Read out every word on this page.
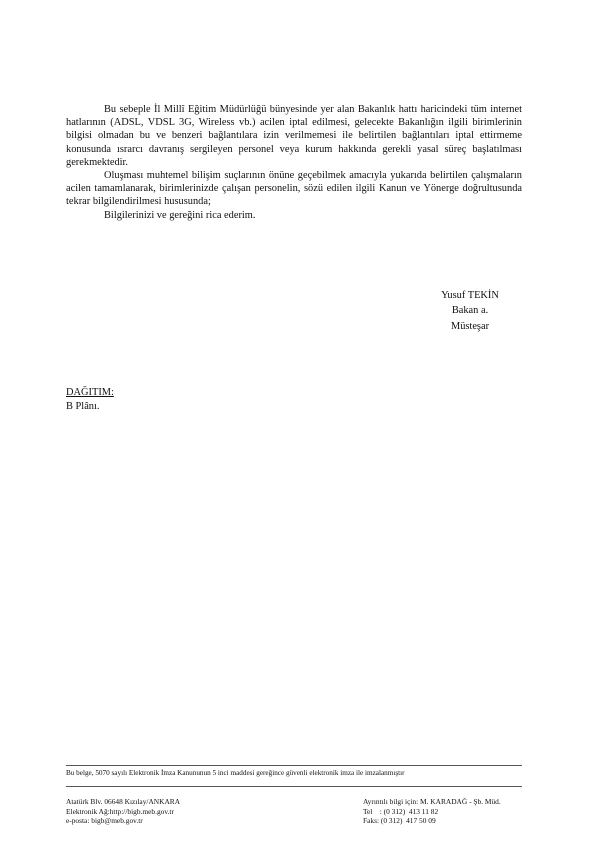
Bu sebeple İl Millî Eğitim Müdürlüğü bünyesinde yer alan Bakanlık hattı haricindeki tüm internet hatlarının (ADSL, VDSL 3G, Wireless vb.) acilen iptal edilmesi, gelecekte Bakanlığın ilgili birimlerinin bilgisi olmadan bu ve benzeri bağlantılara izin verilmemesi ile belirtilen bağlantıları iptal ettirmeme konusunda ısrarcı davranış sergileyen personel veya kurum hakkında gerekli yasal süreç başlatılması gerekmektedir.

Oluşması muhtemel bilişim suçlarının önüne geçebilmek amacıyla yukarıda belirtilen çalışmaların acilen tamamlanarak, birimlerinizde çalışan personelin, sözü edilen ilgili Kanun ve Yönerge doğrultusunda tekrar bilgilendirilmesi hususunda;

Bilgilerinizi ve gereğini rica ederim.

Yusuf TEKİN
Bakan a.
Müsteşar
DAĞITIM:
B Plânı.
Bu belge, 5070 sayılı Elektronik İmza Kanununun 5 inci maddesi gereğince güvenli elektronik imza ile imzalanmıştır
Atatürk Blv. 06648 Kızılay/ANKARA
Elektronik Ağ:http://bigb.meb.gov.tr
e-posta: bigb@meb.gov.tr
Ayrıntılı bilgi için: M. KARADAĞ - Şb. Müd.
Tel    : (0 312)  413 11 82
Faks: (0 312)  417 50 09
